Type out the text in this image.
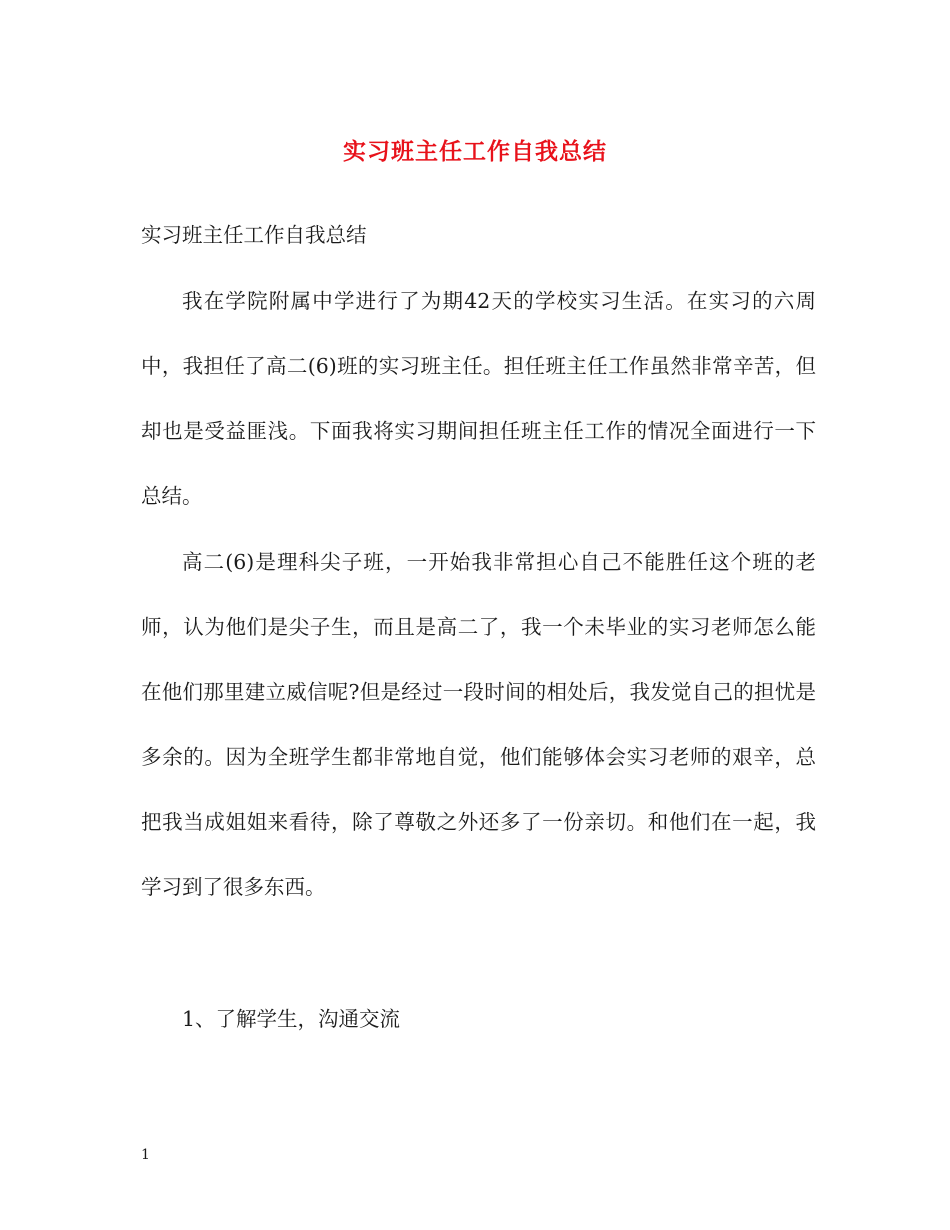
实习班主任工作自我总结
实习班主任工作自我总结
我在学院附属中学进行了为期42天的学校实习生活。在实习的六周中，我担任了高二(6)班的实习班主任。担任班主任工作虽然非常辛苦，但却也是受益匪浅。下面我将实习期间担任班主任工作的情况全面进行一下总结。
高二(6)是理科尖子班，一开始我非常担心自己不能胜任这个班的老师，认为他们是尖子生，而且是高二了，我一个未毕业的实习老师怎么能在他们那里建立威信呢?但是经过一段时间的相处后，我发觉自己的担忧是多余的。因为全班学生都非常地自觉，他们能够体会实习老师的艰辛，总把我当成姐姐来看待，除了尊敬之外还多了一份亲切。和他们在一起，我学习到了很多东西。
1、了解学生，沟通交流
1
